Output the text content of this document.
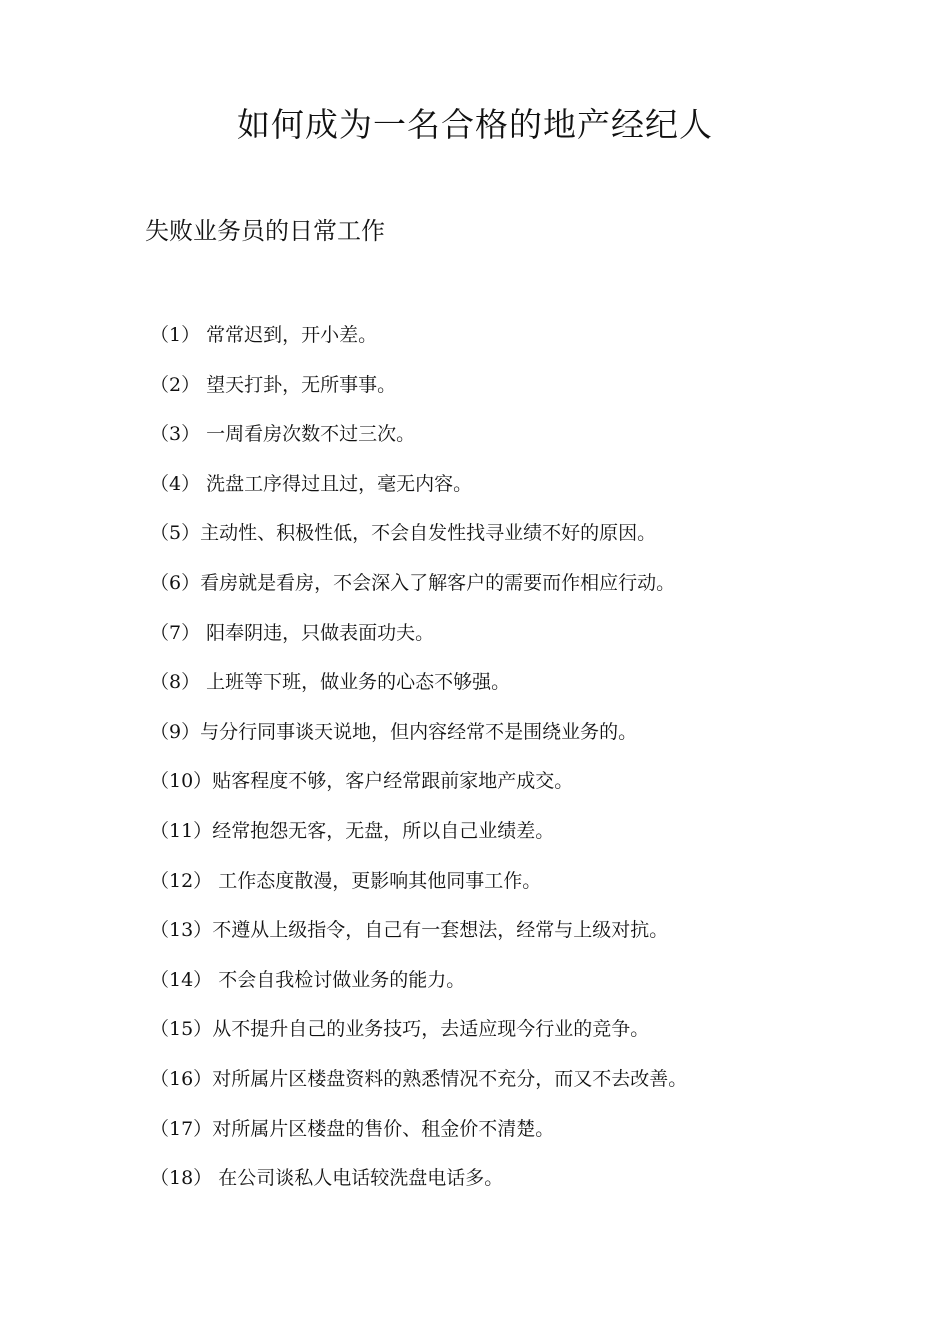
如何成为一名合格的地产经纪人
失败业务员的日常工作
（1） 常常迟到，开小差。
（2） 望天打卦，无所事事。
（3） 一周看房次数不过三次。
（4） 洗盘工序得过且过，毫无内容。
（5）主动性、积极性低，不会自发性找寻业绩不好的原因。
（6）看房就是看房，不会深入了解客户的需要而作相应行动。
（7） 阳奉阴违，只做表面功夫。
（8） 上班等下班，做业务的心态不够强。
（9）与分行同事谈天说地，但内容经常不是围绕业务的。
（10）贴客程度不够，客户经常跟前家地产成交。
（11）经常抱怨无客，无盘，所以自己业绩差。
（12） 工作态度散漫，更影响其他同事工作。
（13）不遵从上级指令，自己有一套想法，经常与上级对抗。
（14） 不会自我检讨做业务的能力。
（15）从不提升自己的业务技巧，去适应现今行业的竞争。
（16）对所属片区楼盘资料的熟悉情况不充分，而又不去改善。
（17）对所属片区楼盘的售价、租金价不清楚。
（18） 在公司谈私人电话较洗盘电话多。
